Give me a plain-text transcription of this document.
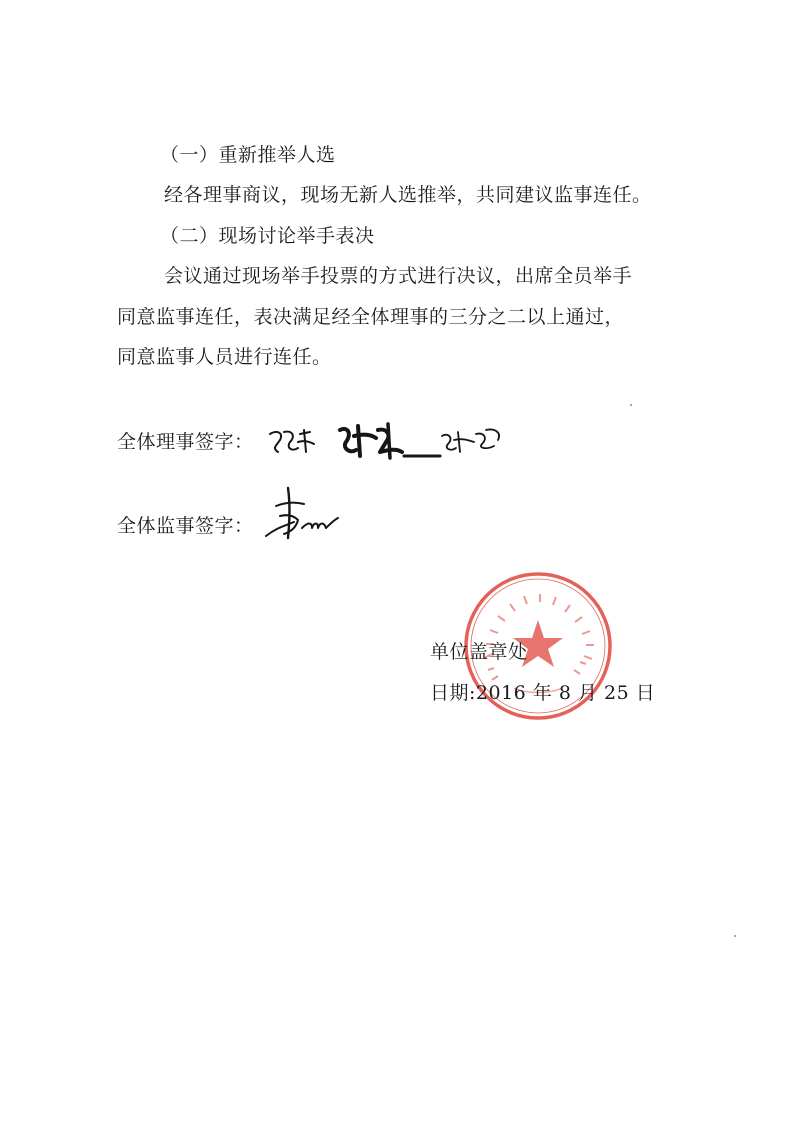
（一）重新推举人选
经各理事商议，现场无新人选推举，共同建议监事连任。
（二）现场讨论举手表决
会议通过现场举手投票的方式进行决议，出席全员举手
同意监事连任，表决满足经全体理事的三分之二以上通过，
同意监事人员进行连任。
全体理事签字：
全体监事签字：
单位盖章处
日期:2016 年 8 月 25 日
